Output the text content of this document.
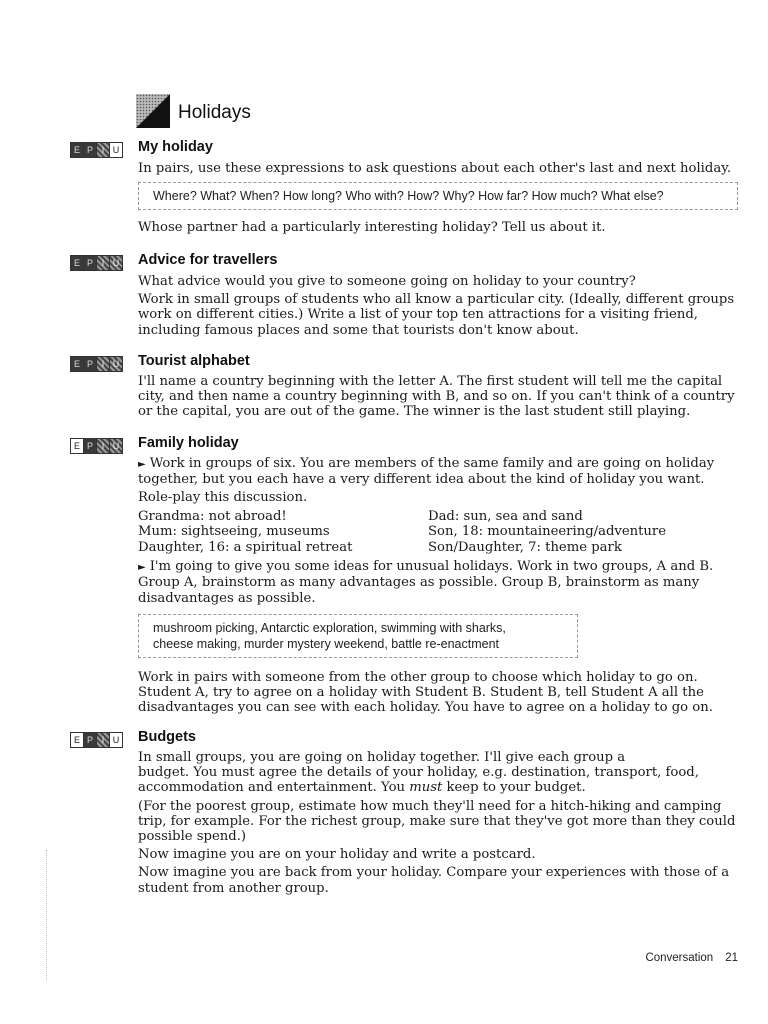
Holidays
E P I U My holiday

In pairs, use these expressions to ask questions about each other's last and next holiday.

Where? What? When? How long? Who with? How? Why? How far? How much? What else?

Whose partner had a particularly interesting holiday? Tell us about it.

E P I U Advice for travellers

What advice would you give to someone going on holiday to your country?

Work in small groups of students who all know a particular city. (Ideally, different groups work on different cities.) Write a list of your top ten attractions for a visiting friend, including famous places and some that tourists don't know about.

E P I U Tourist alphabet

I'll name a country beginning with the letter A. The first student will tell me the capital city, and then name a country beginning with B, and so on. If you can't think of a country or the capital, you are out of the game. The winner is the last student still playing.

E P I U Family holiday

► Work in groups of six. You are members of the same family and are going on holiday together, but you each have a very different idea about the kind of holiday you want.

Role-play this discussion.

Grandma: not abroad!	Dad: sun, sea and sand
Mum: sightseeing, museums	Son, 18: mountaineering/adventure
Daughter, 16: a spiritual retreat	Son/Daughter, 7: theme park

► I'm going to give you some ideas for unusual holidays. Work in two groups, A and B. Group A, brainstorm as many advantages as possible. Group B, brainstorm as many disadvantages as possible.

mushroom picking, Antarctic exploration, swimming with sharks,
cheese making, murder mystery weekend, battle re-enactment

Work in pairs with someone from the other group to choose which holiday to go on. Student A, try to agree on a holiday with Student B. Student B, tell Student A all the disadvantages you can see with each holiday. You have to agree on a holiday to go on.

E P I U Budgets

In small groups, you are going on holiday together. I'll give each group a
budget. You must agree the details of your holiday, e.g. destination, transport, food, accommodation and entertainment. You must keep to your budget.

(For the poorest group, estimate how much they'll need for a hitch-hiking and camping trip, for example. For the richest group, make sure that they've got more than they could possible spend.)

Now imagine you are on your holiday and write a postcard.

Now imagine you are back from your holiday. Compare your experiences with those of a student from another group.

Conversation 21
